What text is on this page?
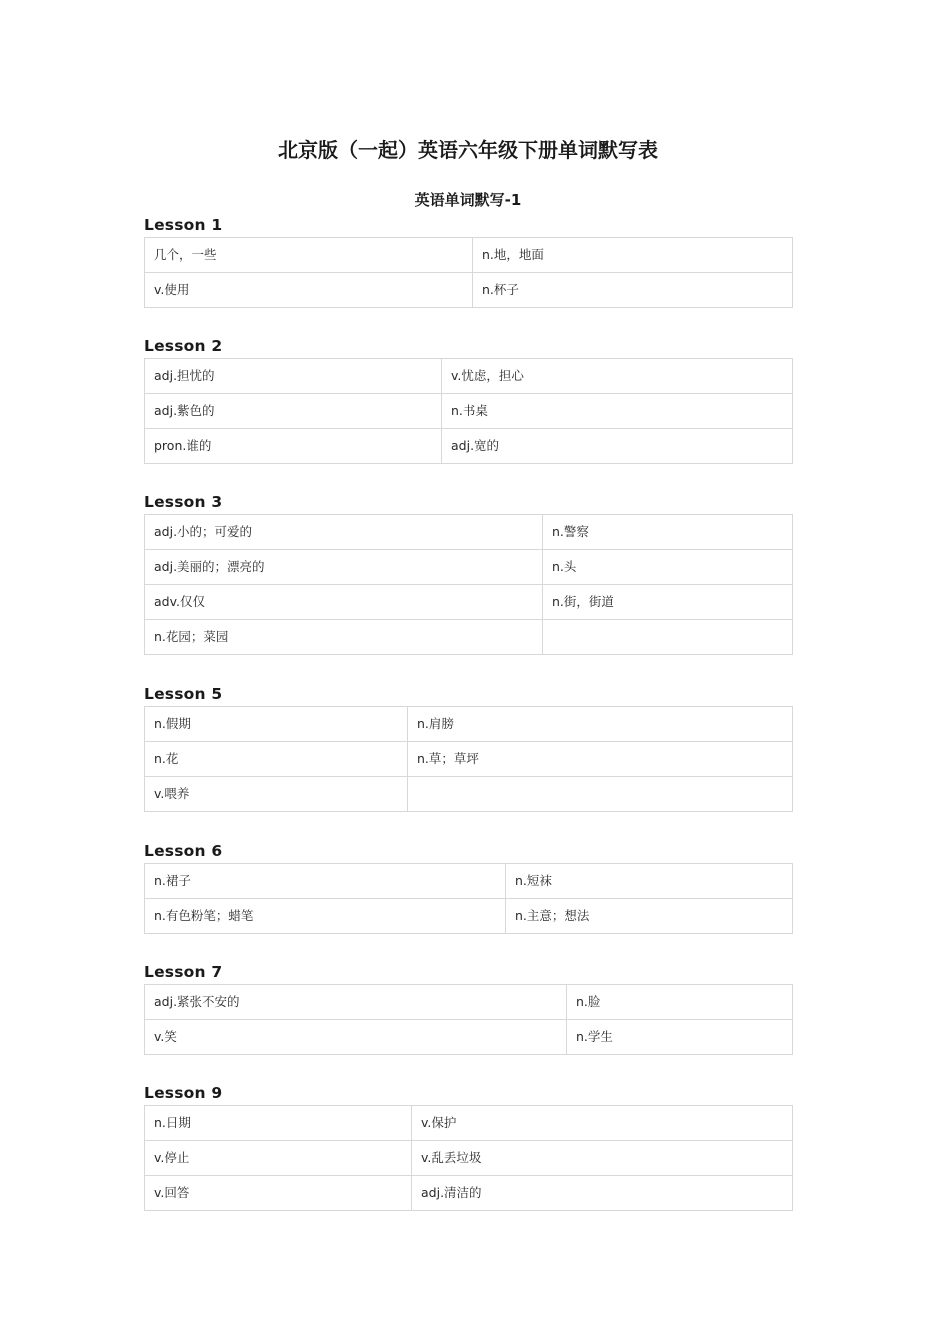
北京版（一起）英语六年级下册单词默写表
英语单词默写-1
Lesson 1
几个，一些	n.地，地面
v.使用	n.杯子
Lesson 2
adj.担忧的	v.忧虑，担心
adj.紫色的	n.书桌
pron.谁的	adj.宽的
Lesson 3
adj.小的；可爱的	n.警察
adj.美丽的；漂亮的	n.头
adv.仅仅	n.街，街道
n.花园；菜园	
Lesson 5
n.假期	n.肩膀
n.花	n.草；草坪
v.喂养	
Lesson 6
n.裙子	n.短袜
n.有色粉笔；蜡笔	n.主意；想法
Lesson 7
adj.紧张不安的	n.脸
v.笑	n.学生
Lesson 9
n.日期	v.保护
v.停止	v.乱丢垃圾
v.回答	adj.清洁的
